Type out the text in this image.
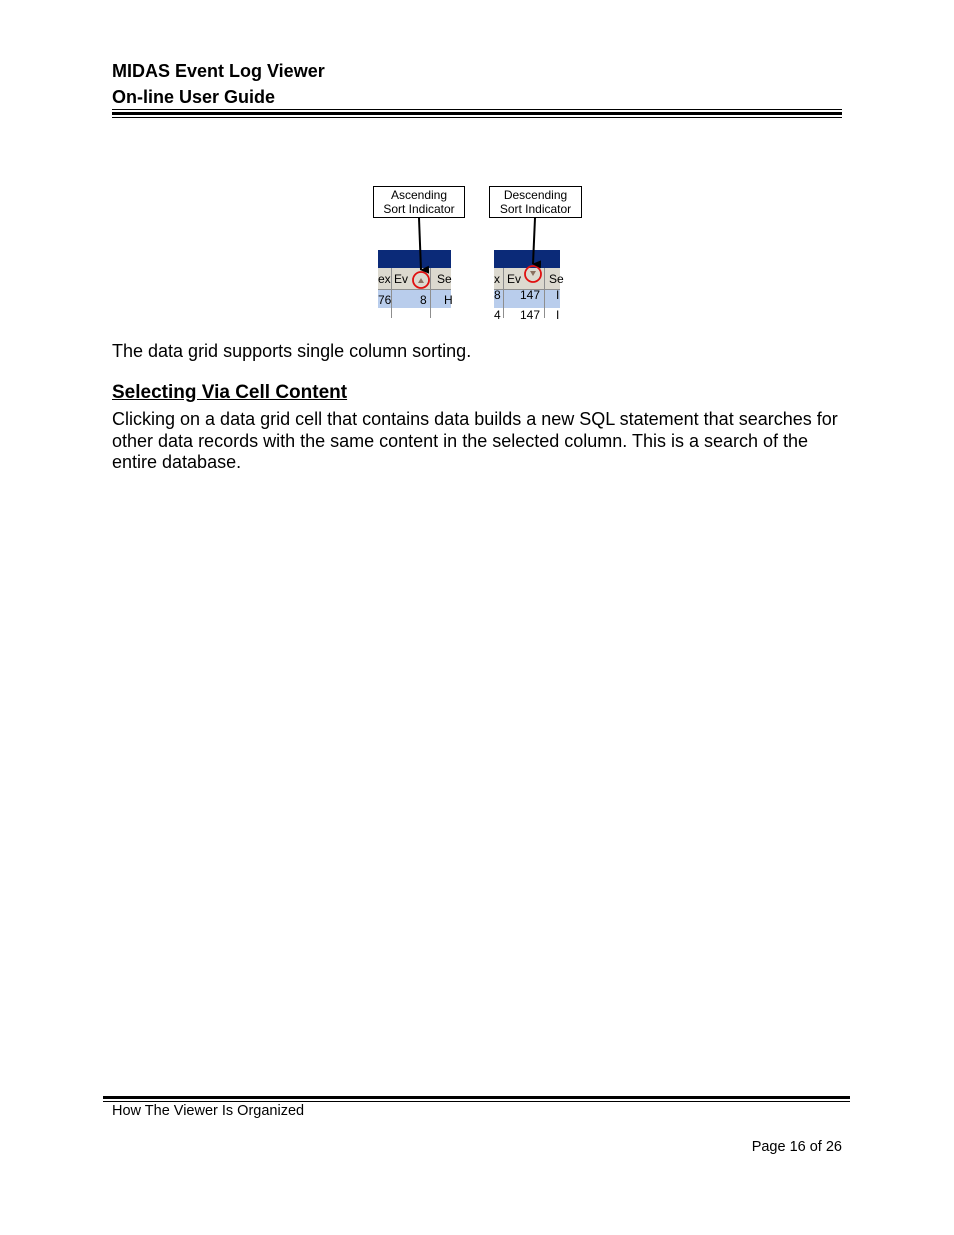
MIDAS Event Log Viewer
On-line User Guide
Ascending
Sort Indicator
Descending
Sort Indicator
ex Ev Se
76 8 H
x Ev Se
8 147 I
4 147 I
The data grid supports single column sorting.
Selecting Via Cell Content
Clicking on a data grid cell that contains data builds a new SQL statement that searches for other data records with the same content in the selected column. This is a search of the entire database.
How The Viewer Is Organized
Page 16 of 26
